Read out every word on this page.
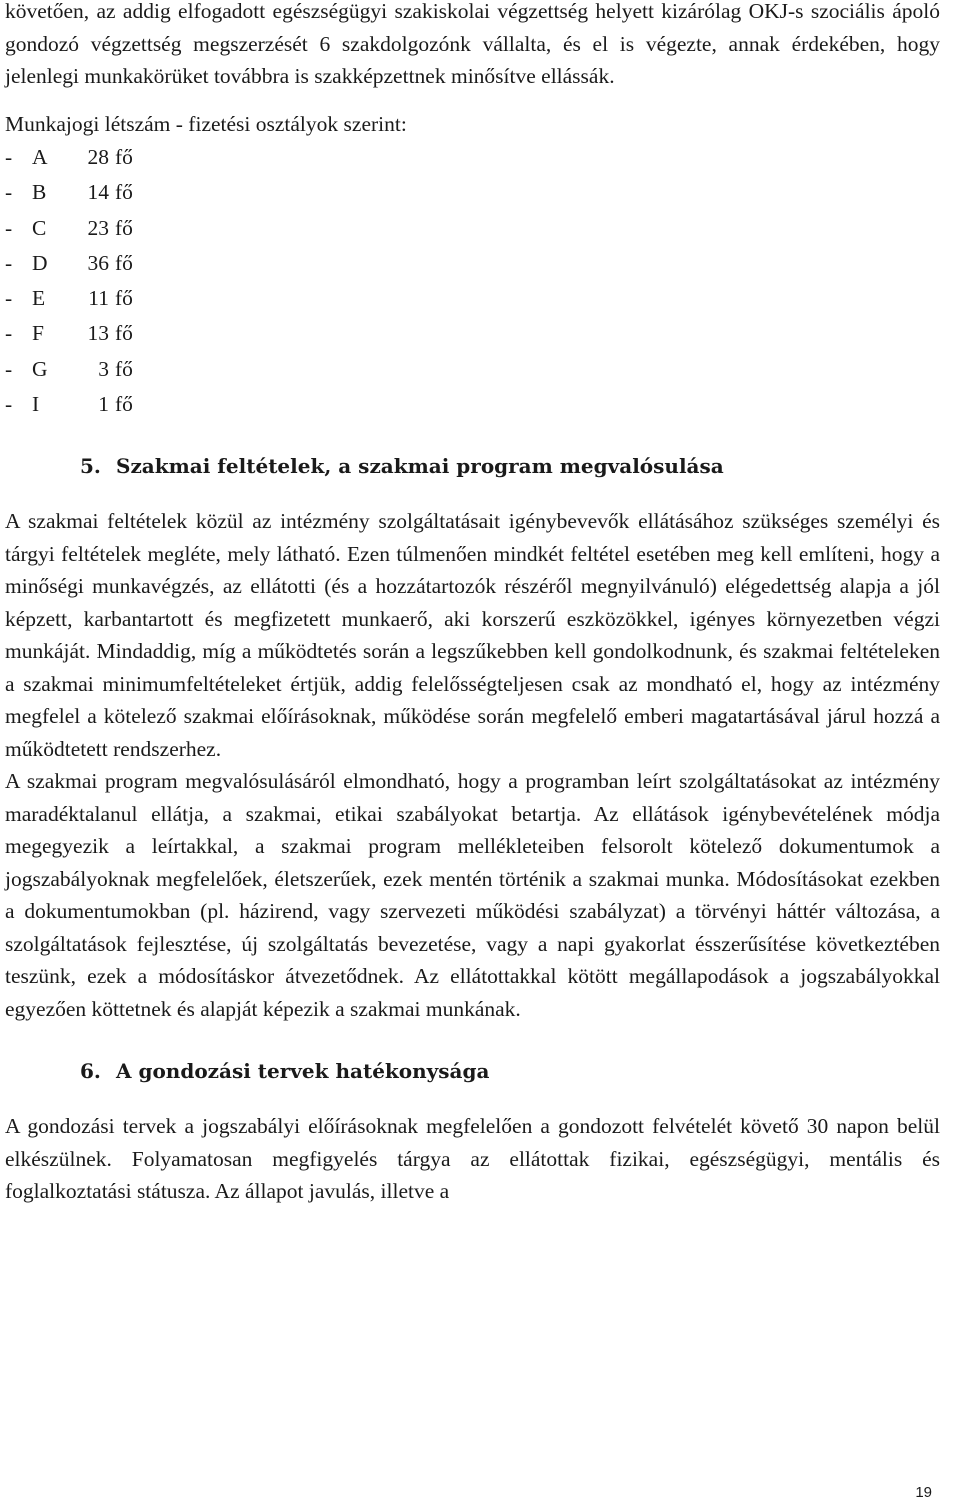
követően, az addig elfogadott egészségügyi szakiskolai végzettség helyett kizárólag OKJ-s szociális ápoló gondozó végzettség megszerzését 6 szakdolgozónk vállalta, és el is végezte, annak érdekében, hogy jelenlegi munkakörüket továbbra is szakképzettnek minősítve ellássák.

Munkajogi létszám - fizetési osztályok szerint:

- A	28 fő
- B	14 fő
- C	23 fő
- D	36 fő
- E	11 fő
- F	13 fő
- G	3 fő
- I	1 fő
5. Szakmai feltételek, a szakmai program megvalósulása

A szakmai feltételek közül az intézmény szolgáltatásait igénybevevők ellátásához szükséges személyi és tárgyi feltételek megléte, mely látható. Ezen túlmenően mindkét feltétel esetében meg kell említeni, hogy a minőségi munkavégzés, az ellátotti (és a hozzátartozók részéről megnyilvánuló) elégedettség alapja a jól képzett, karbantartott és megfizetett munkaerő, aki korszerű eszközökkel, igényes környezetben végzi munkáját. Mindaddig, míg a működtetés során a legszűkebben kell gondolkodnunk, és szakmai feltételeken a szakmai minimumfeltételeket értjük, addig felelősségteljesen csak az mondható el, hogy az intézmény megfelel a kötelező szakmai előírásoknak, működése során megfelelő emberi magatartásával járul hozzá a működtetett rendszerhez.

A szakmai program megvalósulásáról elmondható, hogy a programban leírt szolgáltatásokat az intézmény maradéktalanul ellátja, a szakmai, etikai szabályokat betartja. Az ellátások igénybevételének módja megegyezik a leírtakkal, a szakmai program mellékleteiben felsorolt kötelező dokumentumok a jogszabályoknak megfelelőek, életszerűek, ezek mentén történik a szakmai munka. Módosításokat ezekben a dokumentumokban (pl. házirend, vagy szervezeti működési szabályzat) a törvényi háttér változása, a szolgáltatások fejlesztése, új szolgáltatás bevezetése, vagy a napi gyakorlat ésszerűsítése következtében teszünk, ezek a módosításkor átvezetődnek. Az ellátottakkal kötött megállapodások a jogszabályokkal egyezően köttetnek és alapját képezik a szakmai munkának.

6. A gondozási tervek hatékonysága

A gondozási tervek a jogszabályi előírásoknak megfelelően a gondozott felvételét követő 30 napon belül elkészülnek. Folyamatosan megfigyelés tárgya az ellátottak fizikai, egészségügyi, mentális és foglalkoztatási státusza. Az állapot javulás, illetve a

19
